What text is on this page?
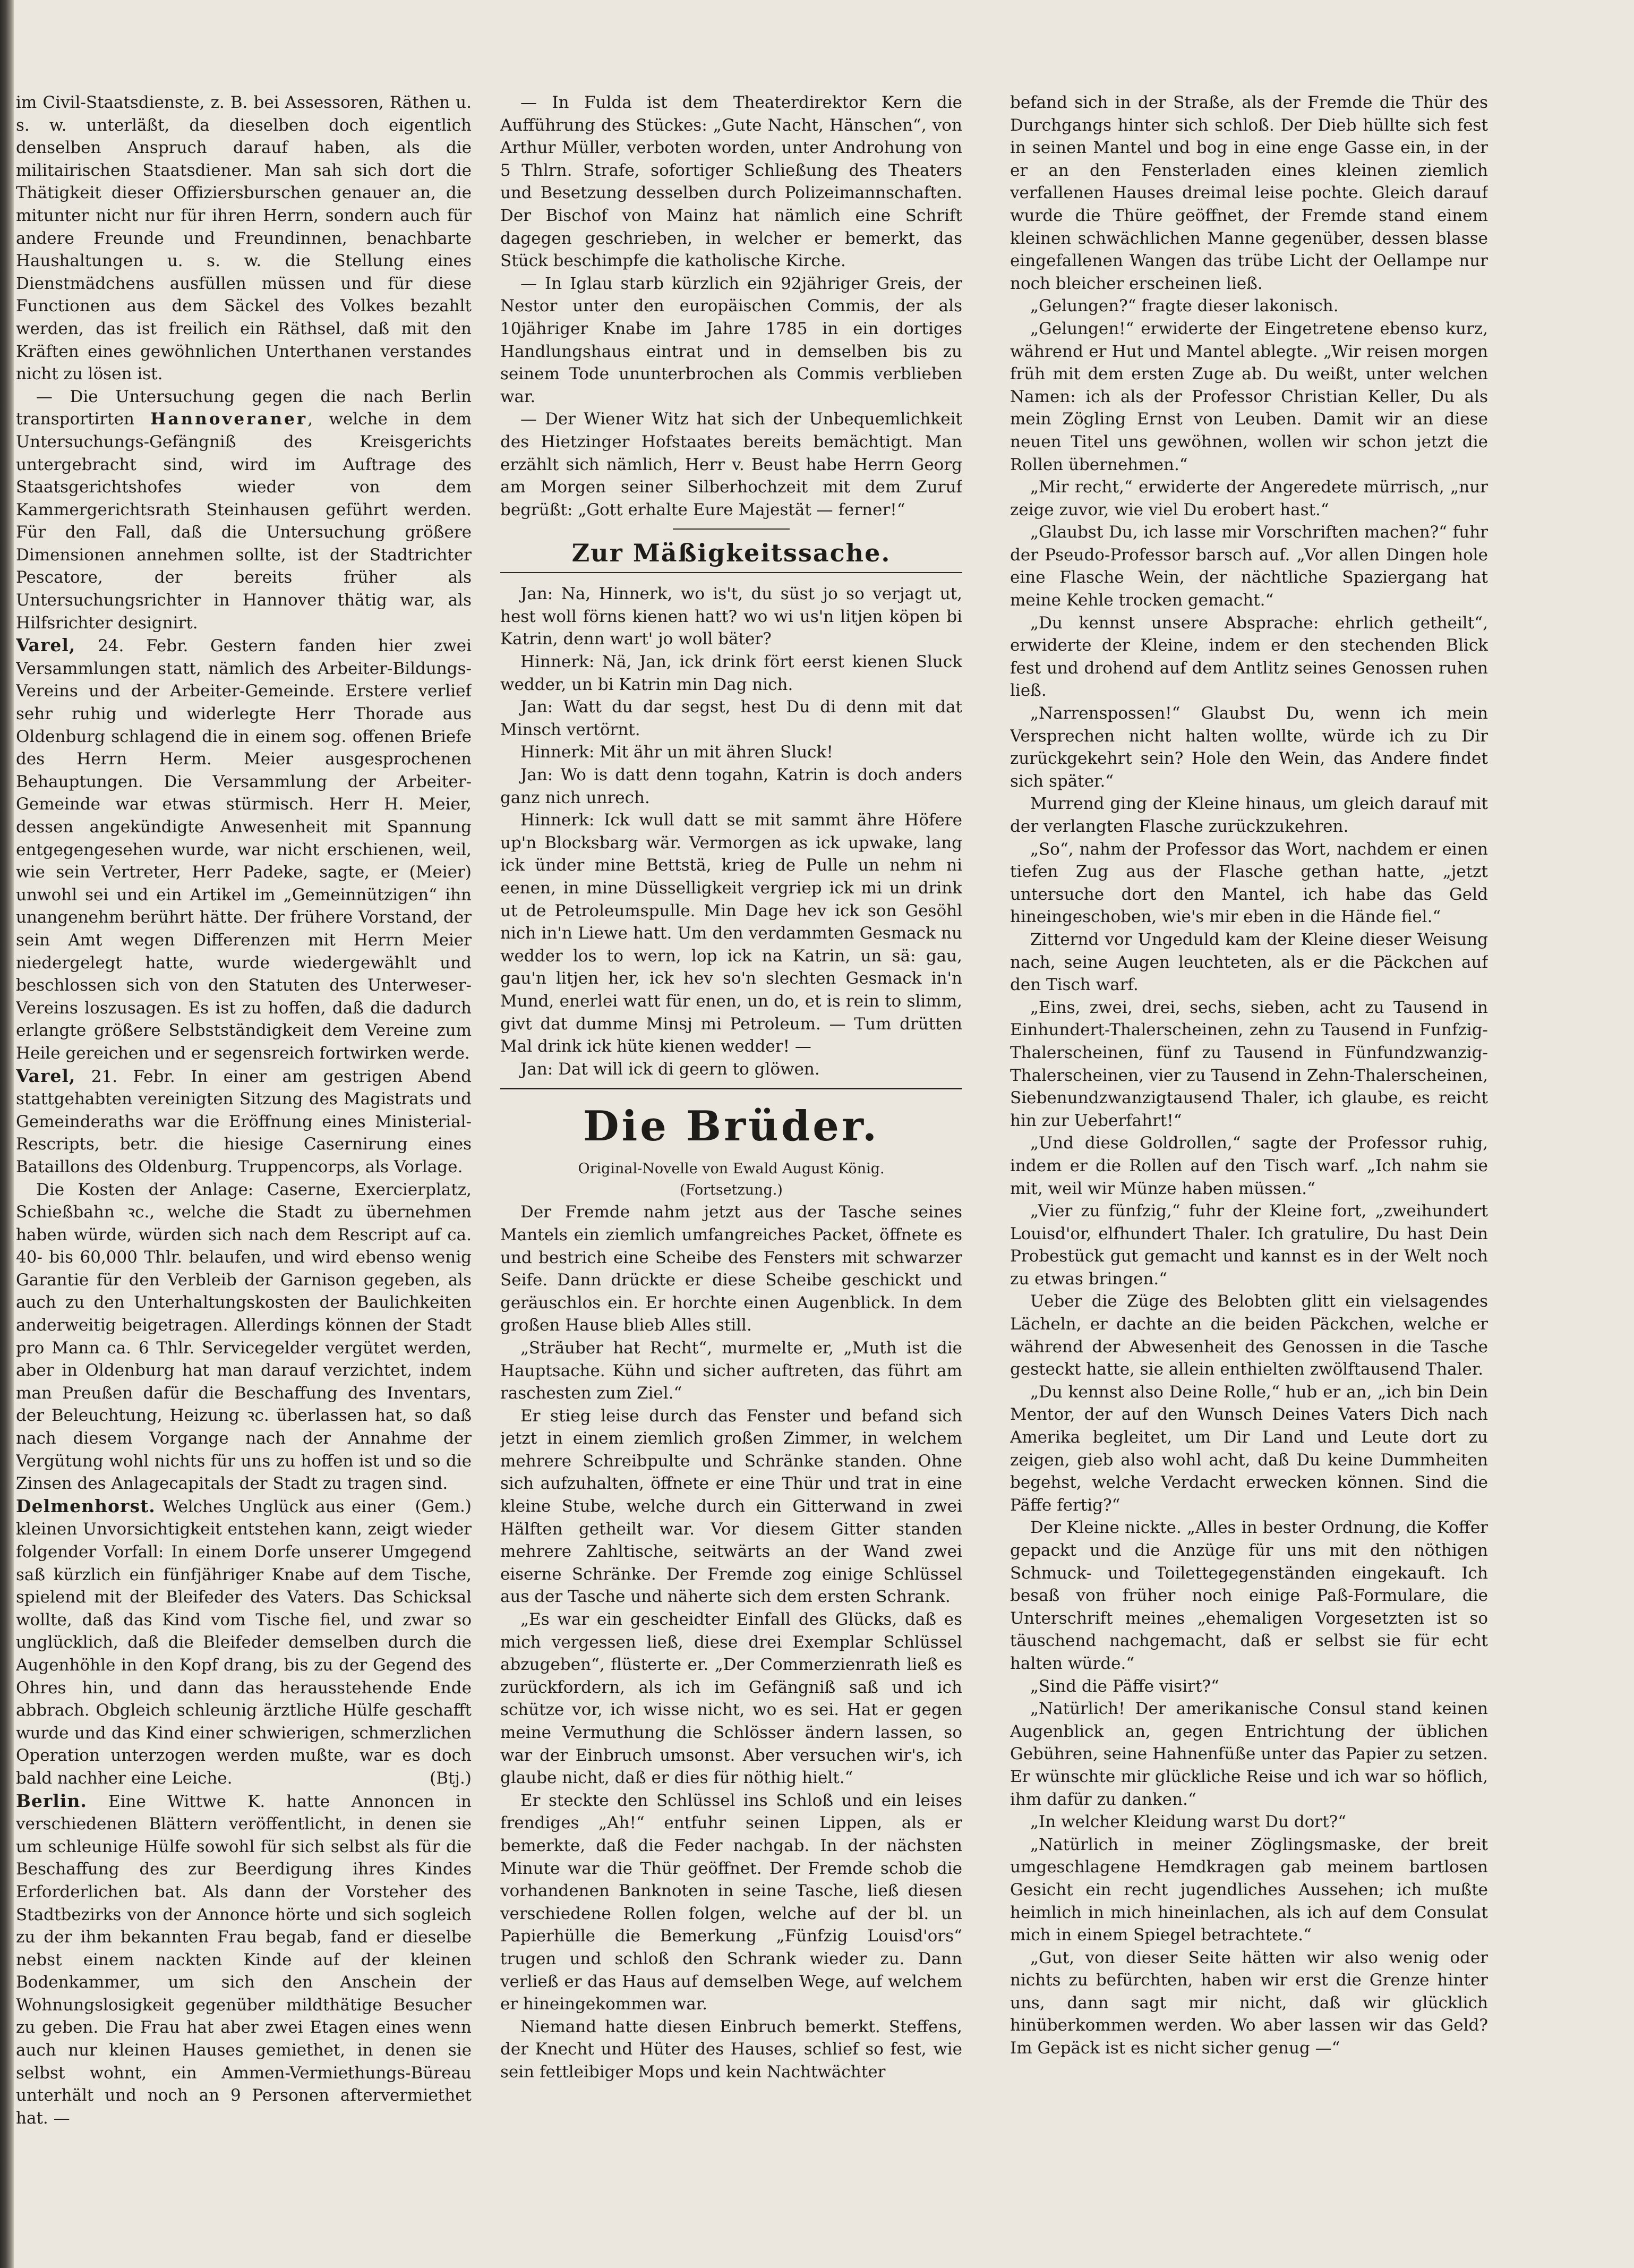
im Civil-Staatsdienste, z. B. bei Assessoren, Räthen u. s. w. unterläßt, da dieselben doch eigentlich denselben Anspruch darauf haben, als die militairischen Staatsdiener. Man sah sich dort die Thätigkeit dieser Offiziersburschen genauer an, die mitunter nicht nur für ihren Herrn, sondern auch für andere Freunde und Freundinnen, benachbarte Haushaltungen u. s. w. die Stellung eines Dienstmädchens ausfüllen müssen und für diese Functionen aus dem Säckel des Volkes bezahlt werden, das ist freilich ein Räthsel, daß mit den Kräften eines gewöhnlichen Unterthanen verstandes nicht zu lösen ist.

— Die Untersuchung gegen die nach Berlin transportirten Hannoveraner, welche in dem Untersuchungs-Gefängniß des Kreisgerichts untergebracht sind, wird im Auftrage des Staatsgerichtshofes wieder von dem Kammergerichtsrath Steinhausen geführt werden. Für den Fall, daß die Untersuchung größere Dimensionen annehmen sollte, ist der Stadtrichter Pescatore, der bereits früher als Untersuchungsrichter in Hannover thätig war, als Hilfsrichter designirt.

Varel, 24. Febr. Gestern fanden hier zwei Versammlungen statt, nämlich des Arbeiter-Bildungs-Vereins und der Arbeiter-Gemeinde. Erstere verlief sehr ruhig und widerlegte Herr Thorade aus Oldenburg schlagend die in einem sog. offenen Briefe des Herrn Herm. Meier ausgesprochenen Behauptungen. Die Versammlung der Arbeiter-Gemeinde war etwas stürmisch. Herr H. Meier, dessen angekündigte Anwesenheit mit Spannung entgegengesehen wurde, war nicht erschienen, weil, wie sein Vertreter, Herr Padeke, sagte, er (Meier) unwohl sei und ein Artikel im „Gemeinnützigen“ ihn unangenehm berührt hätte. Der frühere Vorstand, der sein Amt wegen Differenzen mit Herrn Meier niedergelegt hatte, wurde wiedergewählt und beschlossen sich von den Statuten des Unterweser-Vereins loszusagen. Es ist zu hoffen, daß die dadurch erlangte größere Selbstständigkeit dem Vereine zum Heile gereichen und er segensreich fortwirken werde.

Varel, 21. Febr. In einer am gestrigen Abend stattgehabten vereinigten Sitzung des Magistrats und Gemeinderaths war die Eröffnung eines Ministerial-Rescripts, betr. die hiesige Casernirung eines Bataillons des Oldenburg. Truppencorps, als Vorlage.

Die Kosten der Anlage: Caserne, Exercierplatz, Schießbahn ꝛc., welche die Stadt zu übernehmen haben würde, würden sich nach dem Rescript auf ca. 40- bis 60,000 Thlr. belaufen, und wird ebenso wenig Garantie für den Verbleib der Garnison gegeben, als auch zu den Unterhaltungskosten der Baulichkeiten anderweitig beigetragen. Allerdings können der Stadt pro Mann ca. 6 Thlr. Servicegelder vergütet werden, aber in Oldenburg hat man darauf verzichtet, indem man Preußen dafür die Beschaffung des Inventars, der Beleuchtung, Heizung ꝛc. überlassen hat, so daß nach diesem Vorgange nach der Annahme der Vergütung wohl nichts für uns zu hoffen ist und so die Zinsen des Anlagecapitals der Stadt zu tragen sind.
(Gem.)

Delmenhorst. Welches Unglück aus einer kleinen Unvorsichtigkeit entstehen kann, zeigt wieder folgender Vorfall: In einem Dorfe unserer Umgegend saß kürzlich ein fünfjähriger Knabe auf dem Tische, spielend mit der Bleifeder des Vaters. Das Schicksal wollte, daß das Kind vom Tische fiel, und zwar so unglücklich, daß die Bleifeder demselben durch die Augenhöhle in den Kopf drang, bis zu der Gegend des Ohres hin, und dann das herausstehende Ende abbrach. Obgleich schleunig ärztliche Hülfe geschafft wurde und das Kind einer schwierigen, schmerzlichen Operation unterzogen werden mußte, war es doch bald nachher eine Leiche.	(Btj.)

Berlin. Eine Wittwe K. hatte Annoncen in verschiedenen Blättern veröffentlicht, in denen sie um schleunige Hülfe sowohl für sich selbst als für die Beschaffung des zur Beerdigung ihres Kindes Erforderlichen bat. Als dann der Vorsteher des Stadtbezirks von der Annonce hörte und sich sogleich zu der ihm bekannten Frau begab, fand er dieselbe nebst einem nackten Kinde auf der kleinen Bodenkammer, um sich den Anschein der Wohnungslosigkeit gegenüber mildthätige Besucher zu geben. Die Frau hat aber zwei Etagen eines wenn auch nur kleinen Hauses gemiethet, in denen sie selbst wohnt, ein Ammen-Vermiethungs-Büreau unterhält und noch an 9 Personen aftervermiethet hat. —

— In Fulda ist dem Theaterdirektor Kern die Aufführung des Stückes: „Gute Nacht, Hänschen“, von Arthur Müller, verboten worden, unter Androhung von 5 Thlrn. Strafe, sofortiger Schließung des Theaters und Besetzung desselben durch Polizeimannschaften. Der Bischof von Mainz hat nämlich eine Schrift dagegen geschrieben, in welcher er bemerkt, das Stück beschimpfe die katholische Kirche.

— In Iglau starb kürzlich ein 92jähriger Greis, der Nestor unter den europäischen Commis, der als 10jähriger Knabe im Jahre 1785 in ein dortiges Handlungshaus eintrat und in demselben bis zu seinem Tode ununterbrochen als Commis verblieben war.

— Der Wiener Witz hat sich der Unbequemlichkeit des Hietzinger Hofstaates bereits bemächtigt. Man erzählt sich nämlich, Herr v. Beust habe Herrn Georg am Morgen seiner Silberhochzeit mit dem Zuruf begrüßt: „Gott erhalte Eure Majestät — ferner!“

Zur Mäßigkeitssache.

Jan: Na, Hinnerk, wo is't, du süst jo so verjagt ut, hest woll förns kienen hatt? wo wi us'n litjen köpen bi Katrin, denn wart' jo woll bäter?

Hinnerk: Nä, Jan, ick drink fört eerst kienen Sluck wedder, un bi Katrin min Dag nich.

Jan: Watt du dar segst, hest Du di denn mit dat Minsch vertörnt.

Hinnerk: Mit ähr un mit ähren Sluck!

Jan: Wo is datt denn togahn, Katrin is doch anders ganz nich unrech.

Hinnerk: Ick wull datt se mit sammt ähre Höfere up'n Blocksbarg wär. Vermorgen as ick upwake, lang ick ünder mine Bettstä, krieg de Pulle un nehm ni eenen, in mine Düsselligkeit vergriep ick mi un drink ut de Petroleumspulle. Min Dage hev ick son Gesöhl nich in'n Liewe hatt. Um den verdammten Gesmack nu wedder los to wern, lop ick na Katrin, un sä: gau, gau'n litjen her, ick hev so'n slechten Gesmack in'n Mund, enerlei watt für enen, un do, et is rein to slimm, givt dat dumme Minsj mi Petroleum. — Tum drütten Mal drink ick hüte kienen wedder! —

Jan: Dat will ick di geern to glöwen.

Die Brüder.

Original-Novelle von Ewald August König.

(Fortsetzung.)

Der Fremde nahm jetzt aus der Tasche seines Mantels ein ziemlich umfangreiches Packet, öffnete es und bestrich eine Scheibe des Fensters mit schwarzer Seife. Dann drückte er diese Scheibe geschickt und geräuschlos ein. Er horchte einen Augenblick. In dem großen Hause blieb Alles still.

„Sträuber hat Recht“, murmelte er, „Muth ist die Hauptsache. Kühn und sicher auftreten, das führt am raschesten zum Ziel.“

Er stieg leise durch das Fenster und befand sich jetzt in einem ziemlich großen Zimmer, in welchem mehrere Schreibpulte und Schränke standen. Ohne sich aufzuhalten, öffnete er eine Thür und trat in eine kleine Stube, welche durch ein Gitterwand in zwei Hälften getheilt war. Vor diesem Gitter standen mehrere Zahltische, seitwärts an der Wand zwei eiserne Schränke. Der Fremde zog einige Schlüssel aus der Tasche und näherte sich dem ersten Schrank.

„Es war ein gescheidter Einfall des Glücks, daß es mich vergessen ließ, diese drei Exemplar Schlüssel abzugeben“, flüsterte er. „Der Commerzienrath ließ es zurückfordern, als ich im Gefängniß saß und ich schütze vor, ich wisse nicht, wo es sei. Hat er gegen meine Vermuthung die Schlösser ändern lassen, so war der Einbruch umsonst. Aber versuchen wir's, ich glaube nicht, daß er dies für nöthig hielt.“

Er steckte den Schlüssel ins Schloß und ein leises frendiges „Ah!“ entfuhr seinen Lippen, als er bemerkte, daß die Feder nachgab. In der nächsten Minute war die Thür geöffnet. Der Fremde schob die vorhandenen Banknoten in seine Tasche, ließ diesen verschiedene Rollen folgen, welche auf der bl. un Papierhülle die Bemerkung „Fünfzig Louisd'ors“ trugen und schloß den Schrank wieder zu. Dann verließ er das Haus auf demselben Wege, auf welchem er hineingekommen war.

Niemand hatte diesen Einbruch bemerkt. Steffens, der Knecht und Hüter des Hauses, schlief so fest, wie sein fettleibiger Mops und kein Nachtwächter

befand sich in der Straße, als der Fremde die Thür des Durchgangs hinter sich schloß. Der Dieb hüllte sich fest in seinen Mantel und bog in eine enge Gasse ein, in der er an den Fensterladen eines kleinen ziemlich verfallenen Hauses dreimal leise pochte. Gleich darauf wurde die Thüre geöffnet, der Fremde stand einem kleinen schwächlichen Manne gegenüber, dessen blasse eingefallenen Wangen das trübe Licht der Oellampe nur noch bleicher erscheinen ließ.

„Gelungen?“ fragte dieser lakonisch.

„Gelungen!“ erwiderte der Eingetretene ebenso kurz, während er Hut und Mantel ablegte. „Wir reisen morgen früh mit dem ersten Zuge ab. Du weißt, unter welchen Namen: ich als der Professor Christian Keller, Du als mein Zögling Ernst von Leuben. Damit wir an diese neuen Titel uns gewöhnen, wollen wir schon jetzt die Rollen übernehmen.“

„Mir recht,“ erwiderte der Angeredete mürrisch, „nur zeige zuvor, wie viel Du erobert hast.“

„Glaubst Du, ich lasse mir Vorschriften machen?“ fuhr der Pseudo-Professor barsch auf. „Vor allen Dingen hole eine Flasche Wein, der nächtliche Spaziergang hat meine Kehle trocken gemacht.“

„Du kennst unsere Absprache: ehrlich getheilt“, erwiderte der Kleine, indem er den stechenden Blick fest und drohend auf dem Antlitz seines Genossen ruhen ließ.

„Narrenspossen!“ Glaubst Du, wenn ich mein Versprechen nicht halten wollte, würde ich zu Dir zurückgekehrt sein? Hole den Wein, das Andere findet sich später.“

Murrend ging der Kleine hinaus, um gleich darauf mit der verlangten Flasche zurückzukehren.

„So“, nahm der Professor das Wort, nachdem er einen tiefen Zug aus der Flasche gethan hatte, „jetzt untersuche dort den Mantel, ich habe das Geld hineingeschoben, wie's mir eben in die Hände fiel.“

Zitternd vor Ungeduld kam der Kleine dieser Weisung nach, seine Augen leuchteten, als er die Päckchen auf den Tisch warf.

„Eins, zwei, drei, sechs, sieben, acht zu Tausend in Einhundert-Thalerscheinen, zehn zu Tausend in Funfzig-Thalerscheinen, fünf zu Tausend in Fünfundzwanzig-Thalerscheinen, vier zu Tausend in Zehn-Thalerscheinen, Siebenundzwanzigtausend Thaler, ich glaube, es reicht hin zur Ueberfahrt!“

„Und diese Goldrollen,“ sagte der Professor ruhig, indem er die Rollen auf den Tisch warf. „Ich nahm sie mit, weil wir Münze haben müssen.“

„Vier zu fünfzig,“ fuhr der Kleine fort, „zweihundert Louisd'or, elfhundert Thaler. Ich gratulire, Du hast Dein Probestück gut gemacht und kannst es in der Welt noch zu etwas bringen.“

Ueber die Züge des Belobten glitt ein vielsagendes Lächeln, er dachte an die beiden Päckchen, welche er während der Abwesenheit des Genossen in die Tasche gesteckt hatte, sie allein enthielten zwölftausend Thaler.

„Du kennst also Deine Rolle,“ hub er an, „ich bin Dein Mentor, der auf den Wunsch Deines Vaters Dich nach Amerika begleitet, um Dir Land und Leute dort zu zeigen, gieb also wohl acht, daß Du keine Dummheiten begehst, welche Verdacht erwecken können. Sind die Päffe fertig?“

Der Kleine nickte. „Alles in bester Ordnung, die Koffer gepackt und die Anzüge für uns mit den nöthigen Schmuck- und Toilettegegenständen eingekauft. Ich besaß von früher noch einige Paß-Formulare, die Unterschrift meines „ehemaligen Vorgesetzten ist so täuschend nachgemacht, daß er selbst sie für echt halten würde.“

„Sind die Päffe visirt?“

„Natürlich! Der amerikanische Consul stand keinen Augenblick an, gegen Entrichtung der üblichen Gebühren, seine Hahnenfüße unter das Papier zu setzen. Er wünschte mir glückliche Reise und ich war so höflich, ihm dafür zu danken.“

„In welcher Kleidung warst Du dort?“

„Natürlich in meiner Zöglingsmaske, der breit umgeschlagene Hemdkragen gab meinem bartlosen Gesicht ein recht jugendliches Aussehen; ich mußte heimlich in mich hineinlachen, als ich auf dem Consulat mich in einem Spiegel betrachtete.“

„Gut, von dieser Seite hätten wir also wenig oder nichts zu befürchten, haben wir erst die Grenze hinter uns, dann sagt mir nicht, daß wir glücklich hinüberkommen werden. Wo aber lassen wir das Geld? Im Gepäck ist es nicht sicher genug —“
